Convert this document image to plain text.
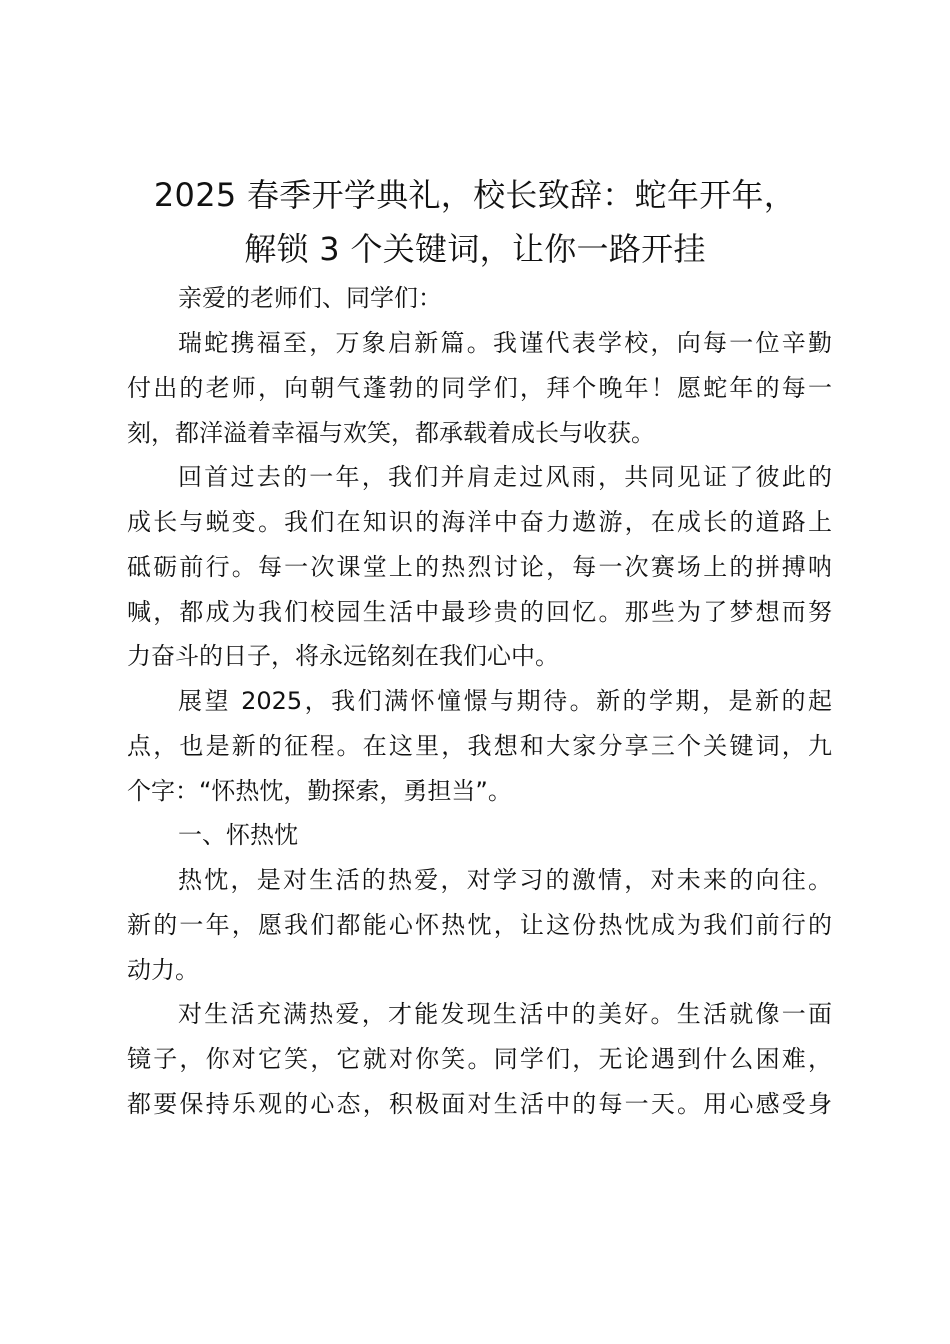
2025 春季开学典礼，校长致辞：蛇年开年，
解锁 3 个关键词，让你一路开挂

亲爱的老师们、同学们：

瑞蛇携福至，万象启新篇。我谨代表学校，向每一位辛勤

付出的老师，向朝气蓬勃的同学们，拜个晚年！愿蛇年的每一

刻，都洋溢着幸福与欢笑，都承载着成长与收获。

回首过去的一年，我们并肩走过风雨，共同见证了彼此的

成长与蜕变。我们在知识的海洋中奋力遨游，在成长的道路上

砥砺前行。每一次课堂上的热烈讨论，每一次赛场上的拼搏呐

喊，都成为我们校园生活中最珍贵的回忆。那些为了梦想而努

力奋斗的日子，将永远铭刻在我们心中。

展望 2025，我们满怀憧憬与期待。新的学期，是新的起

点，也是新的征程。在这里，我想和大家分享三个关键词，九

个字：“怀热忱，勤探索，勇担当”。

一、怀热忱

热忱，是对生活的热爱，对学习的激情，对未来的向往。

新的一年，愿我们都能心怀热忱，让这份热忱成为我们前行的

动力。

对生活充满热爱，才能发现生活中的美好。生活就像一面

镜子，你对它笑，它就对你笑。同学们，无论遇到什么困难，

都要保持乐观的心态，积极面对生活中的每一天。用心感受身
